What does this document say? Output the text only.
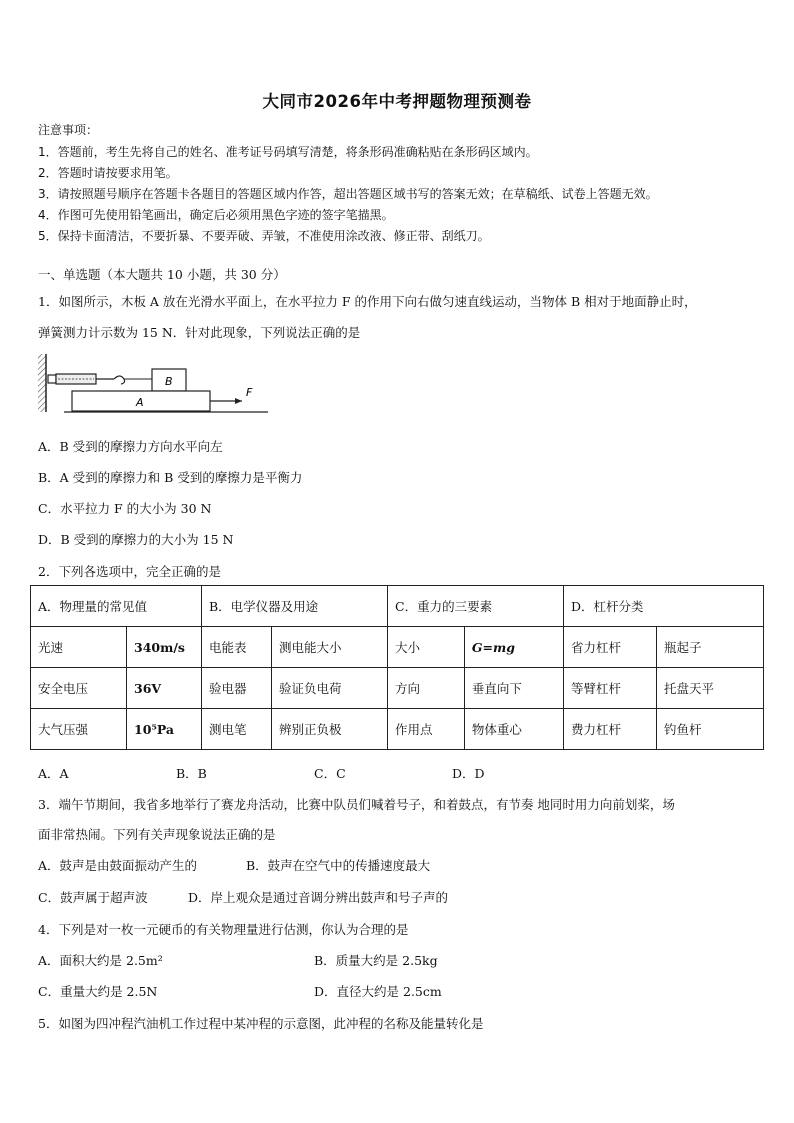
大同市2026年中考押题物理预测卷
注意事项：
1．答题前，考生先将自己的姓名、准考证号码填写清楚，将条形码准确粘贴在条形码区域内。
2．答题时请按要求用笔。
3．请按照题号顺序在答题卡各题目的答题区域内作答，超出答题区域书写的答案无效；在草稿纸、试卷上答题无效。
4．作图可先使用铅笔画出，确定后必须用黑色字迹的签字笔描黑。
5．保持卡面清洁，不要折暴、不要弄破、弄皱，不准使用涂改液、修正带、刮纸刀。
一、单选题（本大题共 10 小题，共 30 分）
1．如图所示，木板 A 放在光滑水平面上，在水平拉力 F 的作用下向右做匀速直线运动，当物体 B 相对于地面静止时，
弹簧测力计示数为 15 N．针对此现象，下列说法正确的是
B
A
F
A．B 受到的摩擦力方向水平向左
B．A 受到的摩擦力和 B 受到的摩擦力是平衡力
C．水平拉力 F 的大小为 30 N
D．B 受到的摩擦力的大小为 15 N
2．下列各选项中，完全正确的是
A．物理量的常见值		B．电学仪器及用途		C．重力的三要素		D．杠杆分类	
光速	340m/s	电能表	测电能大小	大小	G=mg	省力杠杆	瓶起子
安全电压	36V	验电器	验证负电荷	方向	垂直向下	等臂杠杆	托盘天平
大气压强	10⁵Pa	测电笔	辨别正负极	作用点	物体重心	费力杠杆	钓鱼杆
A．A	B．B	C．C	D．D
3．端午节期间，我省多地举行了赛龙舟活动，比赛中队员们喊着号子，和着鼓点，有节奏 地同时用力向前划桨，场
面非常热闹。下列有关声现象说法正确的是
A．鼓声是由鼓面振动产生的	B．鼓声在空气中的传播速度最大
C．鼓声属于超声波	D．岸上观众是通过音调分辨出鼓声和号子声的
4．下列是对一枚一元硬币的有关物理量进行估测，你认为合理的是
A．面积大约是 2.5m²	B．质量大约是 2.5kg
C．重量大约是 2.5N	D．直径大约是 2.5cm
5．如图为四冲程汽油机工作过程中某冲程的示意图，此冲程的名称及能量转化是
